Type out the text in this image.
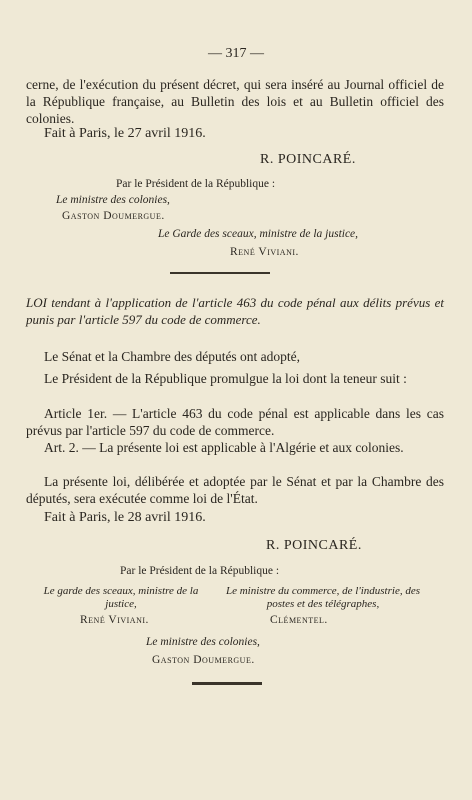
— 317 —
cerne, de l'exécution du présent décret, qui sera inséré au Journal officiel de la République française, au Bulletin des lois et au Bulletin officiel des colonies.
Fait à Paris, le 27 avril 1916.
R. POINCARÉ.
Par le Président de la République :
Le ministre des colonies,
Gaston Doumergue.
Le Garde des sceaux, ministre de la justice,
René Viviani.
LOI tendant à l'application de l'article 463 du code pénal aux délits prévus et punis par l'article 597 du code de commerce.
Le Sénat et la Chambre des députés ont adopté,
Le Président de la République promulgue la loi dont la teneur suit :
Article 1er. — L'article 463 du code pénal est applicable dans les cas prévus par l'article 597 du code de commerce.
Art. 2. — La présente loi est applicable à l'Algérie et aux colonies.
La présente loi, délibérée et adoptée par le Sénat et par la Chambre des députés, sera exécutée comme loi de l'État.
Fait à Paris, le 28 avril 1916.
R. POINCARÉ.
Par le Président de la République :
Le garde des sceaux, ministre de la justice,
René Viviani.
Le ministre du commerce, de l'industrie, des postes et des télégraphes,
Clémentel.
Le ministre des colonies,
Gaston Doumergue.
